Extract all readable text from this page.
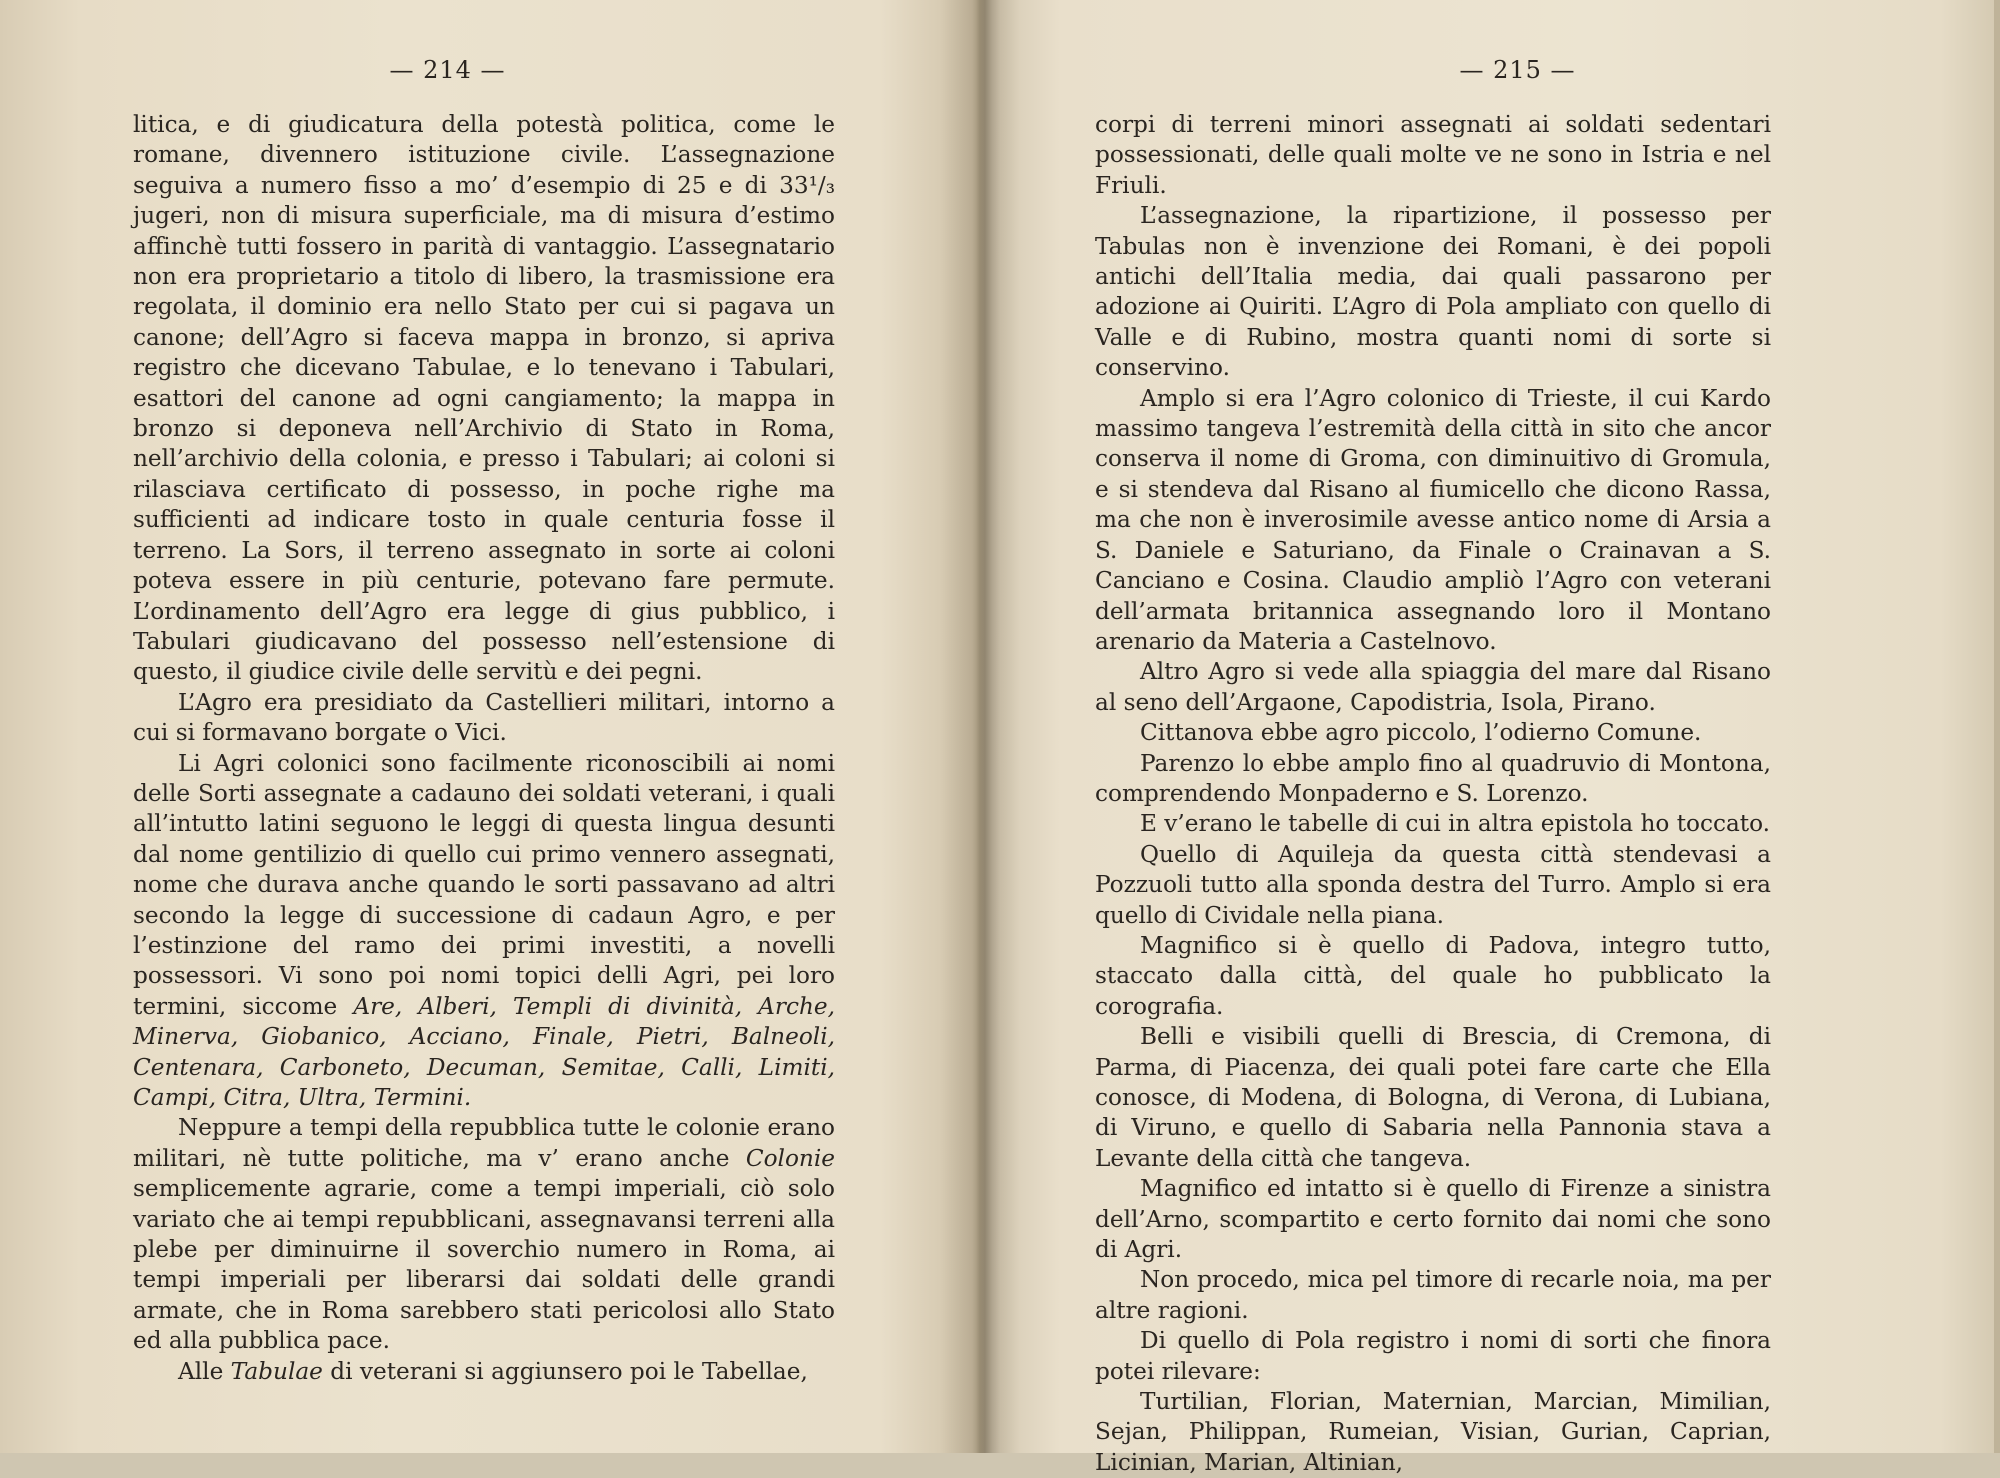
— 214 —

litica, e di giudicatura della potestà politica, come le romane, divennero istituzione civile. L’assegnazione seguiva a numero fisso a mo’ d’esempio di 25 e di 33¹/₃ jugeri, non di misura superficiale, ma di misura d’estimo affinchè tutti fossero in parità di vantaggio. L’assegnatario non era proprietario a titolo di libero, la trasmissione era regolata, il dominio era nello Stato per cui si pagava un canone; dell’Agro si faceva mappa in bronzo, si apriva registro che dicevano Tabulae, e lo tenevano i Tabulari, esattori del canone ad ogni cangiamento; la mappa in bronzo si deponeva nell’Archivio di Stato in Roma, nell’archivio della colonia, e presso i Tabulari; ai coloni si rilasciava certificato di possesso, in poche righe ma sufficienti ad indicare tosto in quale centuria fosse il terreno. La Sors, il terreno assegnato in sorte ai coloni poteva essere in più centurie, potevano fare permute. L’ordinamento dell’Agro era legge di gius pubblico, i Tabulari giudicavano del possesso nell’estensione di questo, il giudice civile delle servitù e dei pegni.

L’Agro era presidiato da Castellieri militari, intorno a cui si formavano borgate o Vici.

Li Agri colonici sono facilmente riconoscibili ai nomi delle Sorti assegnate a cadauno dei soldati veterani, i quali all’intutto latini seguono le leggi di questa lingua desunti dal nome gentilizio di quello cui primo vennero assegnati, nome che durava anche quando le sorti passavano ad altri secondo la legge di successione di cadaun Agro, e per l’estinzione del ramo dei primi investiti, a novelli possessori. Vi sono poi nomi topici delli Agri, pei loro termini, siccome Are, Alberi, Templi di divinità, Arche, Minerva, Giobanico, Acciano, Finale, Pietri, Balneoli, Centenara, Carboneto, Decuman, Semitae, Calli, Limiti, Campi, Citra, Ultra, Termini.

Neppure a tempi della repubblica tutte le colonie erano militari, nè tutte politiche, ma v’ erano anche Colonie semplicemente agrarie, come a tempi imperiali, ciò solo variato che ai tempi repubblicani, assegnavansi terreni alla plebe per diminuirne il soverchio numero in Roma, ai tempi imperiali per liberarsi dai soldati delle grandi armate, che in Roma sarebbero stati pericolosi allo Stato ed alla pubblica pace.

Alle Tabulae di veterani si aggiunsero poi le Tabellae,

— 215 —

corpi di terreni minori assegnati ai soldati sedentari possessionati, delle quali molte ve ne sono in Istria e nel Friuli.

L’assegnazione, la ripartizione, il possesso per Tabulas non è invenzione dei Romani, è dei popoli antichi dell’Italia media, dai quali passarono per adozione ai Quiriti. L’Agro di Pola ampliato con quello di Valle e di Rubino, mostra quanti nomi di sorte si conservino.

Amplo si era l’Agro colonico di Trieste, il cui Kardo massimo tangeva l’estremità della città in sito che ancor conserva il nome di Groma, con diminuitivo di Gromula, e si stendeva dal Risano al fiumicello che dicono Rassa, ma che non è inverosimile avesse antico nome di Arsia a S. Daniele e Saturiano, da Finale o Crainavan a S. Canciano e Cosina. Claudio ampliò l’Agro con veterani dell’armata britannica assegnando loro il Montano arenario da Materia a Castelnovo.

Altro Agro si vede alla spiaggia del mare dal Risano al seno dell’Argaone, Capodistria, Isola, Pirano.

Cittanova ebbe agro piccolo, l’odierno Comune.

Parenzo lo ebbe amplo fino al quadruvio di Montona, comprendendo Monpaderno e S. Lorenzo.

E v’erano le tabelle di cui in altra epistola ho toccato.

Quello di Aquileja da questa città stendevasi a Pozzuoli tutto alla sponda destra del Turro. Amplo si era quello di Cividale nella piana.

Magnifico si è quello di Padova, integro tutto, staccato dalla città, del quale ho pubblicato la corografia.

Belli e visibili quelli di Brescia, di Cremona, di Parma, di Piacenza, dei quali potei fare carte che Ella conosce, di Modena, di Bologna, di Verona, di Lubiana, di Viruno, e quello di Sabaria nella Pannonia stava a Levante della città che tangeva.

Magnifico ed intatto si è quello di Firenze a sinistra dell’Arno, scompartito e certo fornito dai nomi che sono di Agri.

Non procedo, mica pel timore di recarle noia, ma per altre ragioni.

Di quello di Pola registro i nomi di sorti che finora potei rilevare:

Turtilian, Florian, Maternian, Marcian, Mimilian, Sejan, Philippan, Rumeian, Visian, Gurian, Caprian, Licinian, Marian, Altinian,
